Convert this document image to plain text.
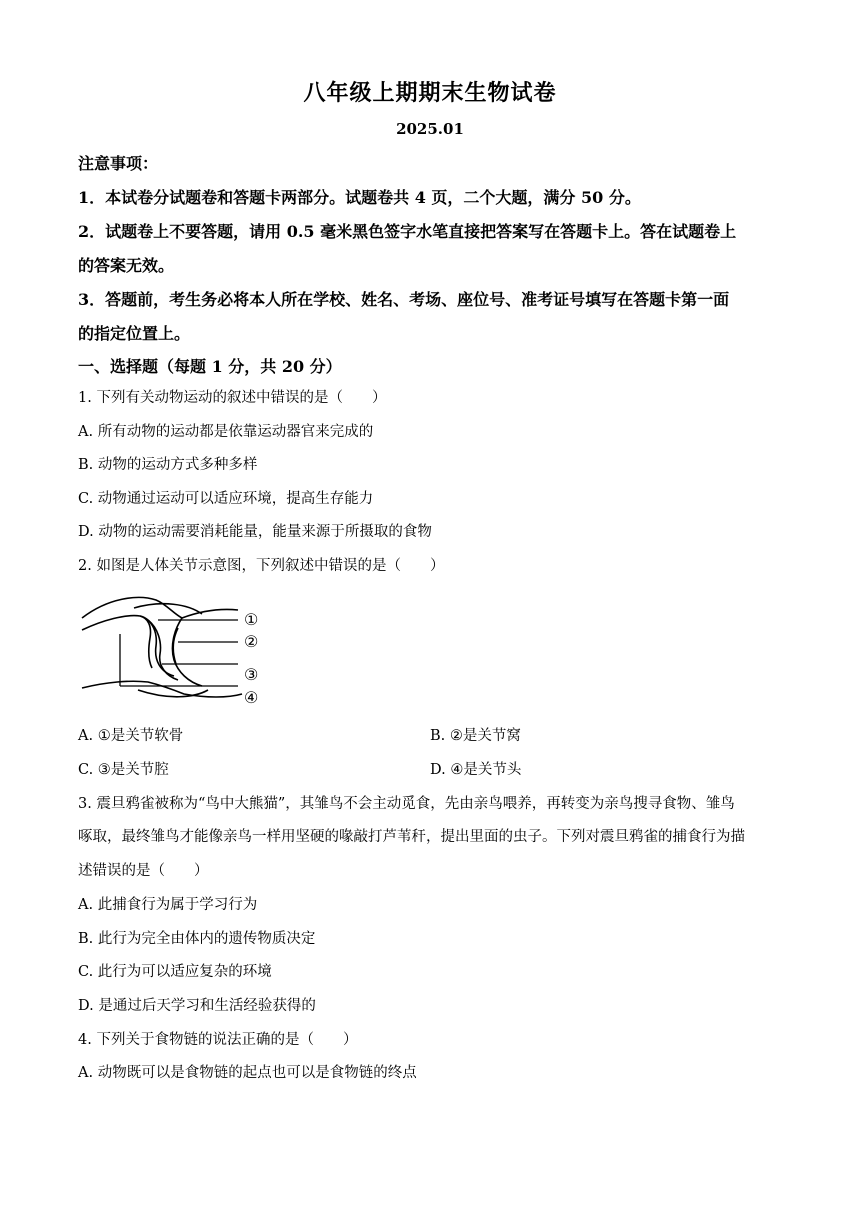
八年级上期期末生物试卷
2025.01
注意事项：
1．本试卷分试题卷和答题卡两部分。试题卷共 4 页，二个大题，满分 50 分。
2．试题卷上不要答题，请用 0.5 毫米黑色签字水笔直接把答案写在答题卡上。答在试题卷上
的答案无效。
3．答题前，考生务必将本人所在学校、姓名、考场、座位号、准考证号填写在答题卡第一面
的指定位置上。
一、选择题（每题 1 分，共 20 分）
1. 下列有关动物运动的叙述中错误的是（　　）
A. 所有动物的运动都是依靠运动器官来完成的
B. 动物的运动方式多种多样
C. 动物通过运动可以适应环境，提高生存能力
D. 动物的运动需要消耗能量，能量来源于所摄取的食物
2. 如图是人体关节示意图，下列叙述中错误的是（　　）
①
②
③
④
A. ①是关节软骨	B. ②是关节窝
C. ③是关节腔	D. ④是关节头
3. 震旦鸦雀被称为“鸟中大熊猫”，其雏鸟不会主动觅食，先由亲鸟喂养，再转变为亲鸟搜寻食物、雏鸟
啄取，最终雏鸟才能像亲鸟一样用坚硬的喙敲打芦苇秆，提出里面的虫子。下列对震旦鸦雀的捕食行为描
述错误的是（　　）
A. 此捕食行为属于学习行为
B. 此行为完全由体内的遗传物质决定
C. 此行为可以适应复杂的环境
D. 是通过后天学习和生活经验获得的
4. 下列关于食物链的说法正确的是（　　）
A. 动物既可以是食物链的起点也可以是食物链的终点
